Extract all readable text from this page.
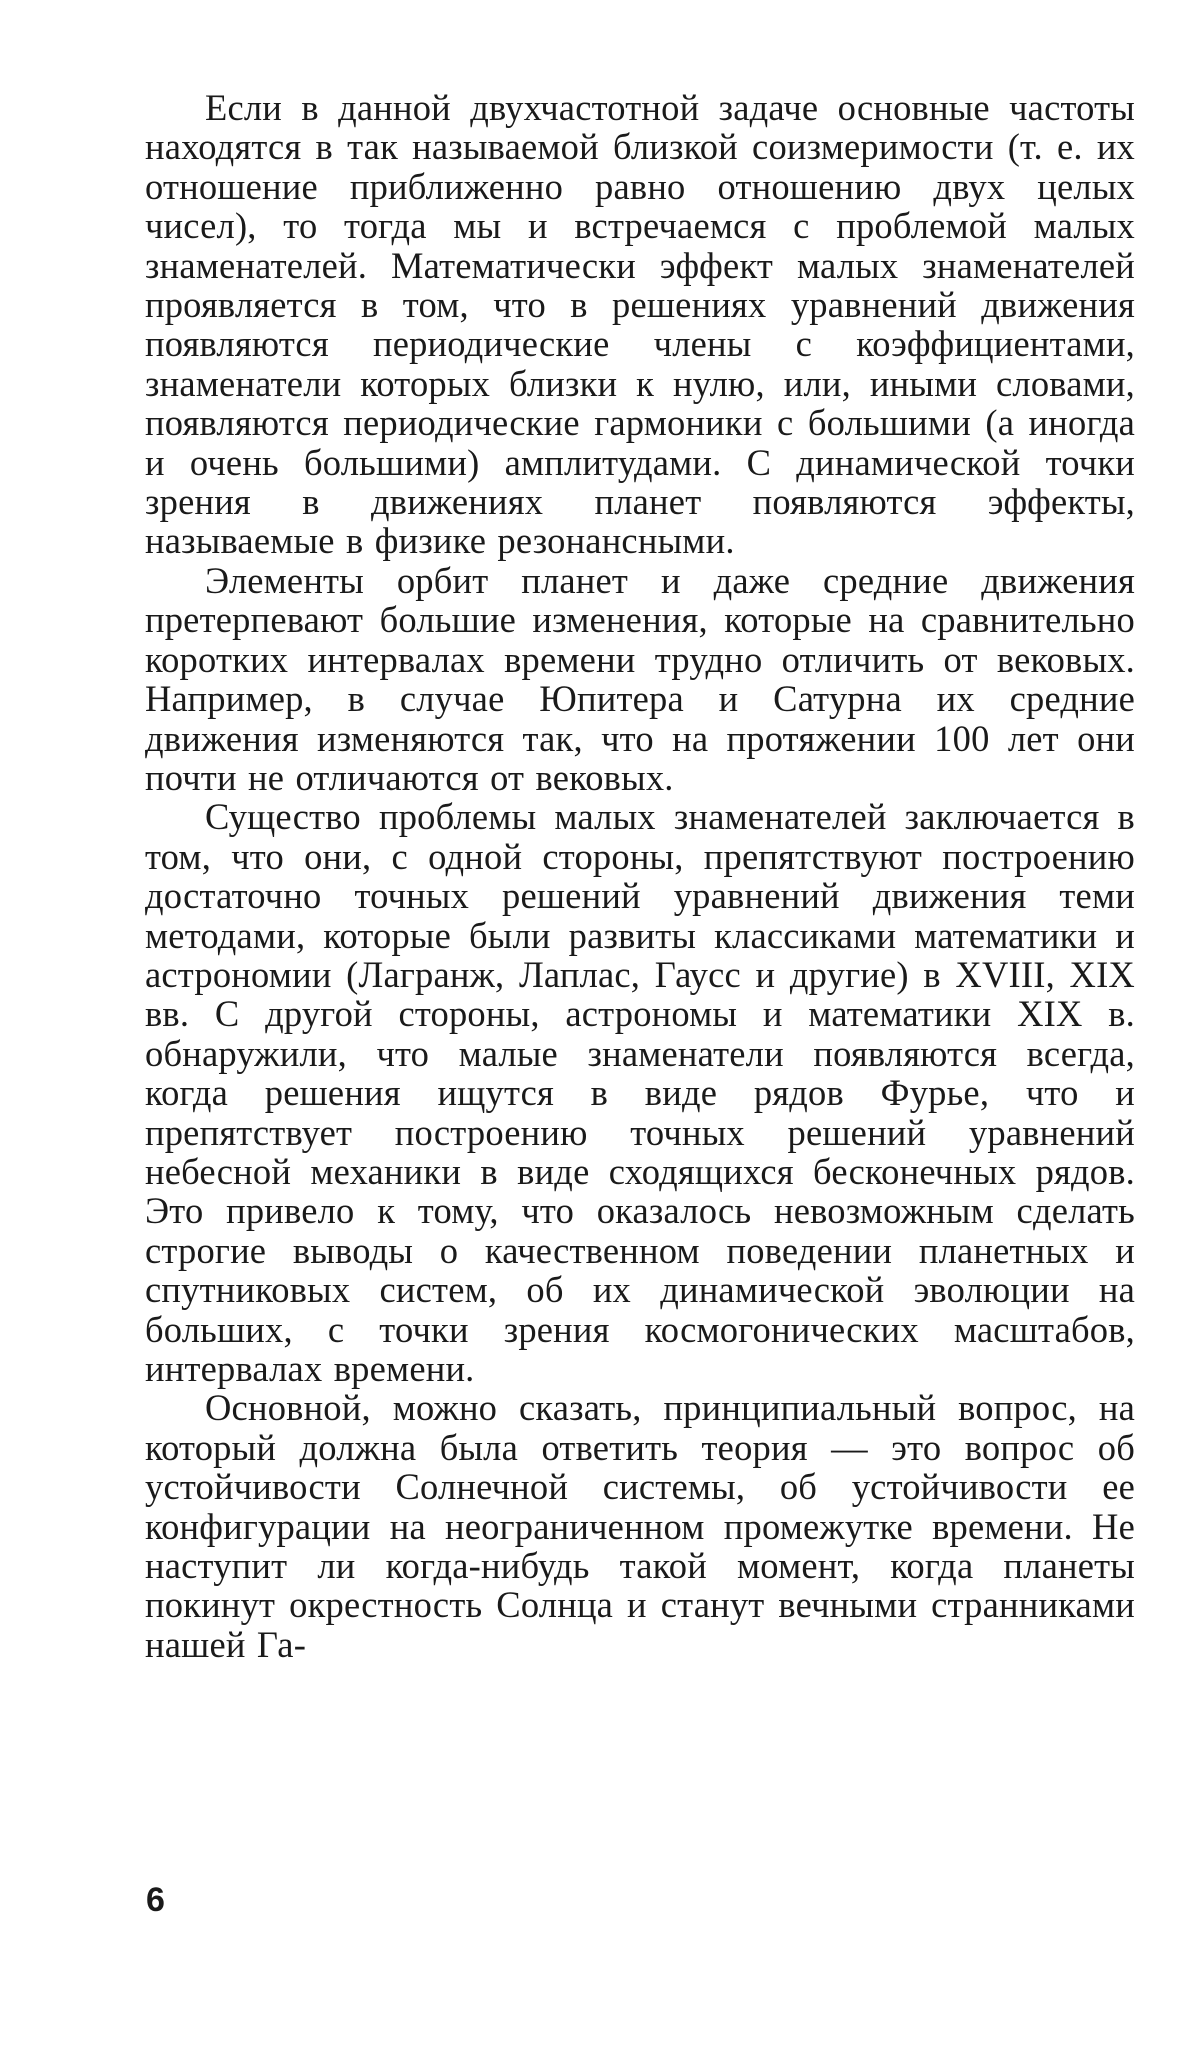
Если в данной двухчастотной задаче основные частоты находятся в так называемой близкой соизмеримости (т. е. их отношение приближенно равно отношению двух целых чисел), то тогда мы и встречаемся с проблемой малых знаменателей. Математически эффект малых знаменателей проявляется в том, что в решениях уравнений движения появляются периодические члены с коэффициентами, знаменатели которых близки к нулю, или, иными словами, появляются периодические гармоники с большими (а иногда и очень большими) амплитудами. С динамической точки зрения в движениях планет появляются эффекты, называемые в физике резонансными.

Элементы орбит планет и даже средние движения претерпевают большие изменения, которые на сравнительно коротких интервалах времени трудно отличить от вековых. Например, в случае Юпитера и Сатурна их средние движения изменяются так, что на протяжении 100 лет они почти не отличаются от вековых.

Существо проблемы малых знаменателей заключается в том, что они, с одной стороны, препятствуют построению достаточно точных решений уравнений движения теми методами, которые были развиты классиками математики и астрономии (Лагранж, Лаплас, Гаусс и другие) в XVIII, XIX вв. С другой стороны, астрономы и математики XIX в. обнаружили, что малые знаменатели появляются всегда, когда решения ищутся в виде рядов Фурье, что и препятствует построению точных решений уравнений небесной механики в виде сходящихся бесконечных рядов. Это привело к тому, что оказалось невозможным сделать строгие выводы о качественном поведении планетных и спутниковых систем, об их динамической эволюции на больших, с точки зрения космогонических масштабов, интервалах времени.

Основной, можно сказать, принципиальный вопрос, на который должна была ответить теория — это вопрос об устойчивости Солнечной системы, об устойчивости ее конфигурации на неограниченном промежутке времени. Не наступит ли когда-нибудь такой момент, когда планеты покинут окрестность Солнца и станут вечными странниками нашей Га-

6
